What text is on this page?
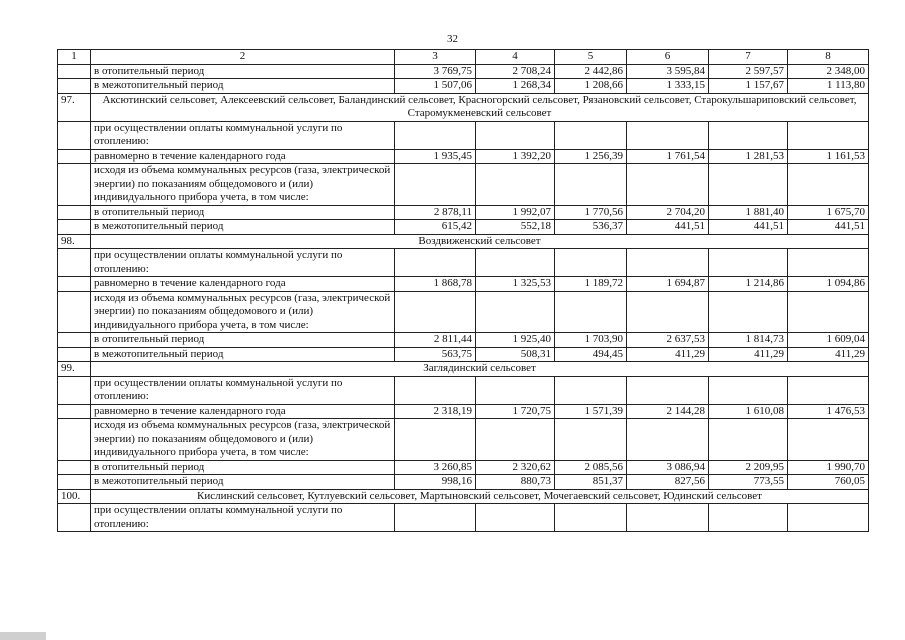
32
1	2	3	4	5	6	7	8
	в отопительный период	3 769,75	2 708,24	2 442,86	3 595,84	2 597,57	2 348,00
	в межотопительный период	1 507,06	1 268,34	1 208,66	1 333,15	1 157,67	1 113,80
97.	Аксютинский сельсовет, Алексеевский сельсовет, Баландинский сельсовет, Красногорский сельсовет, Рязановский сельсовет, Старокульшариповский сельсовет, Старомукменевский сельсовет						
	при осуществлении оплаты коммунальной услуги по отоплению:						
	равномерно в течение календарного года	1 935,45	1 392,20	1 256,39	1 761,54	1 281,53	1 161,53
	исходя из объема коммунальных ресурсов (газа, электрической энергии) по показаниям общедомового и (или) индивидуального прибора учета, в том числе:						
	в отопительный период	2 878,11	1 992,07	1 770,56	2 704,20	1 881,40	1 675,70
	в межотопительный период	615,42	552,18	536,37	441,51	441,51	441,51
98.	Воздвиженский сельсовет						
	при осуществлении оплаты коммунальной услуги по отоплению:						
	равномерно в течение календарного года	1 868,78	1 325,53	1 189,72	1 694,87	1 214,86	1 094,86
	исходя из объема коммунальных ресурсов (газа, электрической энергии) по показаниям общедомового и (или) индивидуального прибора учета, в том числе:						
	в отопительный период	2 811,44	1 925,40	1 703,90	2 637,53	1 814,73	1 609,04
	в межотопительный период	563,75	508,31	494,45	411,29	411,29	411,29
99.	Заглядинский сельсовет						
	при осуществлении оплаты коммунальной услуги по отоплению:						
	равномерно в течение календарного года	2 318,19	1 720,75	1 571,39	2 144,28	1 610,08	1 476,53
	исходя из объема коммунальных ресурсов (газа, электрической энергии) по показаниям общедомового и (или) индивидуального прибора учета, в том числе:						
	в отопительный период	3 260,85	2 320,62	2 085,56	3 086,94	2 209,95	1 990,70
	в межотопительный период	998,16	880,73	851,37	827,56	773,55	760,05
100.	Кислинский сельсовет, Кутлуевский сельсовет, Мартыновский сельсовет, Мочегаевский сельсовет, Юдинский сельсовет						
	при осуществлении оплаты коммунальной услуги по отоплению:						
